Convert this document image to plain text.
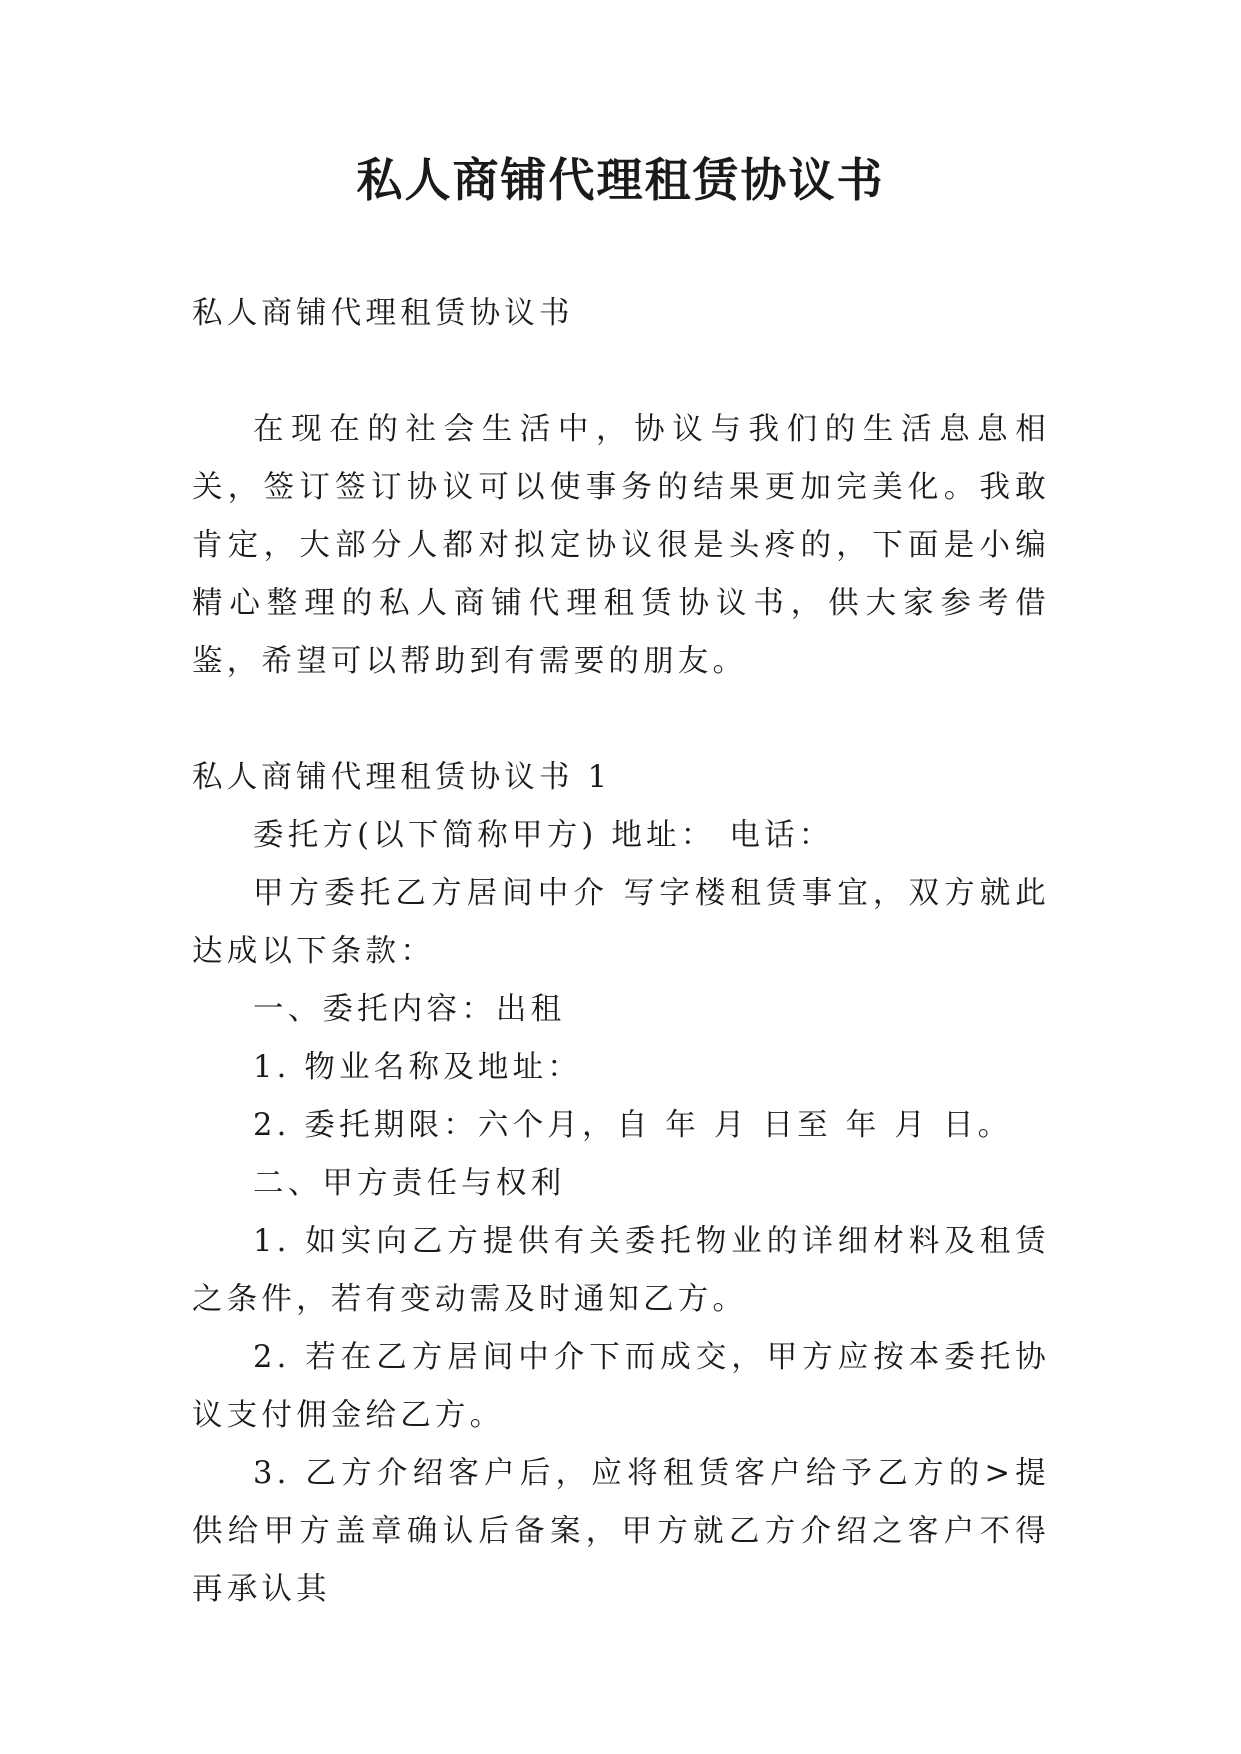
私人商铺代理租赁协议书

私人商铺代理租赁协议书

在现在的社会生活中，协议与我们的生活息息相关，签订签订协议可以使事务的结果更加完美化。我敢肯定，大部分人都对拟定协议很是头疼的，下面是小编精心整理的私人商铺代理租赁协议书，供大家参考借鉴，希望可以帮助到有需要的朋友。

私人商铺代理租赁协议书 1

委托方(以下简称甲方) 地址： 电话：

甲方委托乙方居间中介 写字楼租赁事宜，双方就此达成以下条款：

一、委托内容：出租

1. 物业名称及地址：

2. 委托期限：六个月，自 年 月 日至 年 月 日。

二、甲方责任与权利

1. 如实向乙方提供有关委托物业的详细材料及租赁之条件，若有变动需及时通知乙方。

2. 若在乙方居间中介下而成交，甲方应按本委托协议支付佣金给乙方。

3. 乙方介绍客户后，应将租赁客户给予乙方的>提供给甲方盖章确认后备案，甲方就乙方介绍之客户不得再承认其
